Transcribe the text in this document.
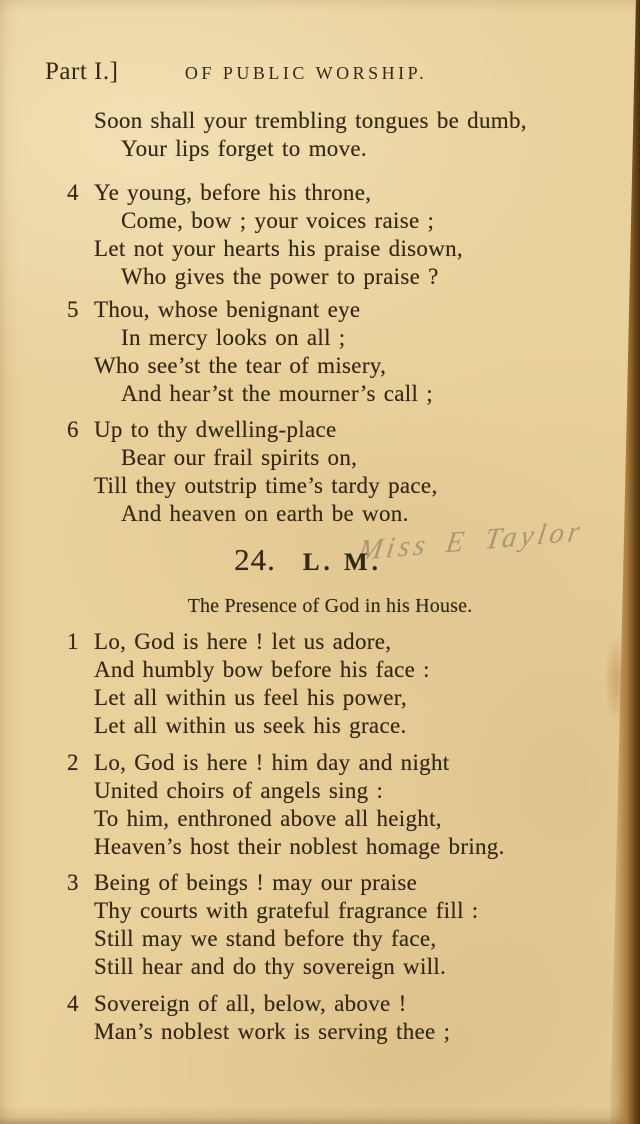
Part I.]	OF PUBLIC WORSHIP.
Soon shall your trembling tongues be dumb,
Your lips forget to move.
4 Ye young, before his throne,
Come, bow ; your voices raise ;
Let not your hearts his praise disown,
Who gives the power to praise ?
5 Thou, whose benignant eye
In mercy looks on all ;
Who see’st the tear of misery,
And hear’st the mourner’s call ;
6 Up to thy dwelling-place
Bear our frail spirits on,
Till they outstrip time’s tardy pace,
And heaven on earth be won.
Miss E Taylor
24. L. M.
The Presence of God in his House.
1 Lo, God is here ! let us adore,
And humbly bow before his face :
Let all within us feel his power,
Let all within us seek his grace.
2 Lo, God is here ! him day and night
United choirs of angels sing :
To him, enthroned above all height,
Heaven’s host their noblest homage bring.
3 Being of beings ! may our praise
Thy courts with grateful fragrance fill :
Still may we stand before thy face,
Still hear and do thy sovereign will.
4 Sovereign of all, below, above !
Man’s noblest work is serving thee ;
